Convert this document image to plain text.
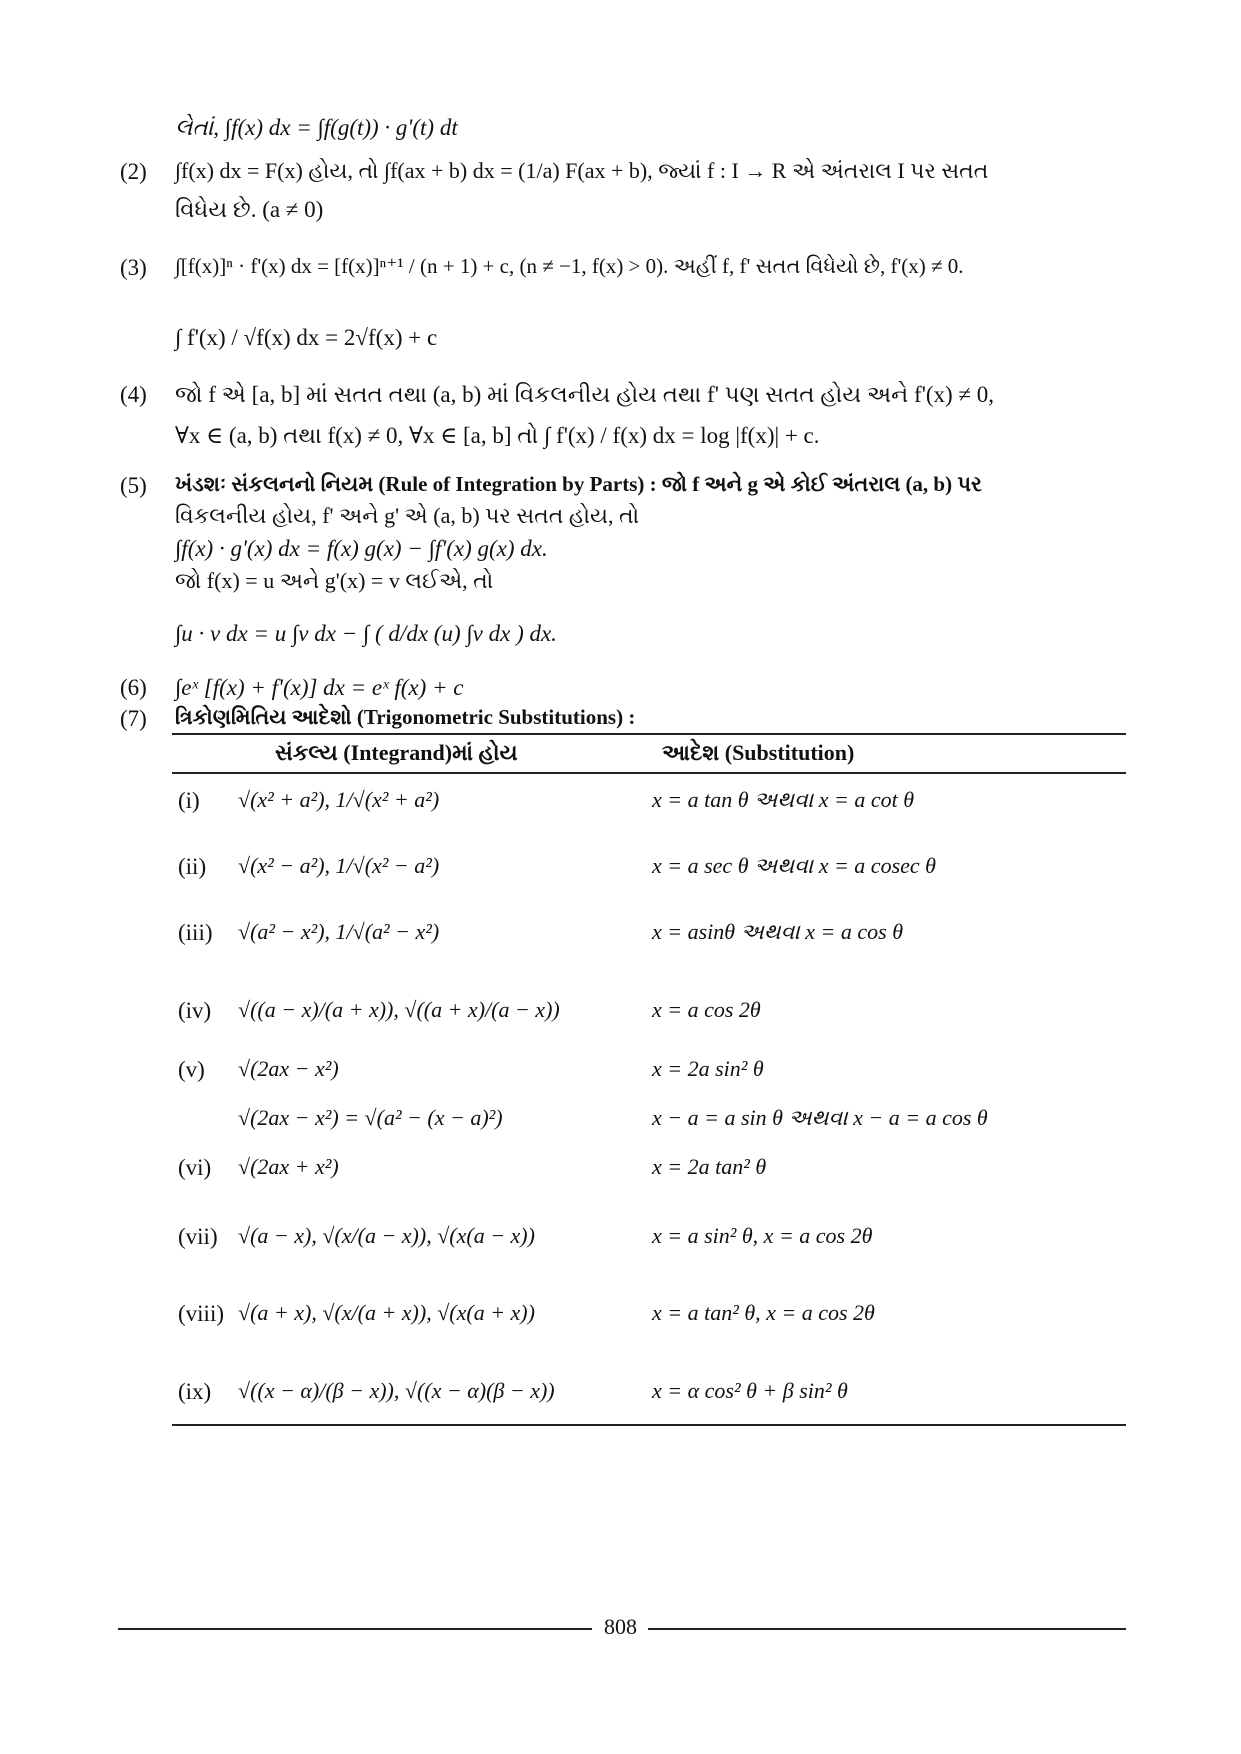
લેતાં, ∫f(x) dx = ∫f(g(t)) · g'(t) dt
(2) ∫f(x) dx = F(x) હોય, તો ∫f(ax + b) dx = (1/a) F(ax + b), જ્યાં f : I → R એ અંતરાલ I પર સતત
વિધેય છે. (a ≠ 0)
(3) ∫[f(x)]ⁿ · f'(x) dx = [f(x)]ⁿ⁺¹ / (n + 1) + c, (n ≠ −1, f(x) > 0). અહીં f, f' સતત વિધેયો છે, f'(x) ≠ 0.
∫ f'(x) / √f(x) dx = 2√f(x) + c
(4) જો f એ [a, b] માં સતત તથા (a, b) માં વિકલનીય હોય તથા f' પણ સતત હોય અને f'(x) ≠ 0,
∀x ∈ (a, b) તથા f(x) ≠ 0, ∀x ∈ [a, b] તો ∫ f'(x) / f(x) dx = log |f(x)| + c.
(5) ખંડશઃ સંકલનનો નિયમ (Rule of Integration by Parts) : જો f અને g એ કોઈ અંતરાલ (a, b) પર
વિકલનીય હોય, f' અને g' એ (a, b) પર સતત હોય, તો
∫f(x) · g'(x) dx = f(x) g(x) − ∫f'(x) g(x) dx.
જો f(x) = u અને g'(x) = v લઈએ, તો
∫u · v dx = u ∫v dx − ∫ ( d/dx (u) ∫v dx ) dx.
(6) ∫eˣ [f(x) + f'(x)] dx = eˣ f(x) + c
(7) ત્રિકોણમિતિય આદેશો (Trigonometric Substitutions) :
સંકલ્ય (Integrand)માં હોય	આદેશ (Substitution)
(i) √(x² + a²), 1/√(x² + a²)	x = a tan θ અથવા x = a cot θ
(ii) √(x² − a²), 1/√(x² − a²)	x = a sec θ અથવા x = a cosec θ
(iii) √(a² − x²), 1/√(a² − x²)	x = asinθ અથવા x = a cos θ
(iv) √((a − x)/(a + x)), √((a + x)/(a − x))	x = a cos 2θ
(v) √(2ax − x²)	x = 2a sin² θ
√(2ax − x²) = √(a² − (x − a)²)	x − a = a sin θ અથવા x − a = a cos θ
(vi) √(2ax + x²)	x = 2a tan² θ
(vii) √(a − x), √(x/(a − x)), √(x(a − x))	x = a sin² θ, x = a cos 2θ
(viii) √(a + x), √(x/(a + x)), √(x(a + x))	x = a tan² θ, x = a cos 2θ
(ix) √((x − α)/(β − x)), √((x − α)(β − x))	x = α cos² θ + β sin² θ
808
